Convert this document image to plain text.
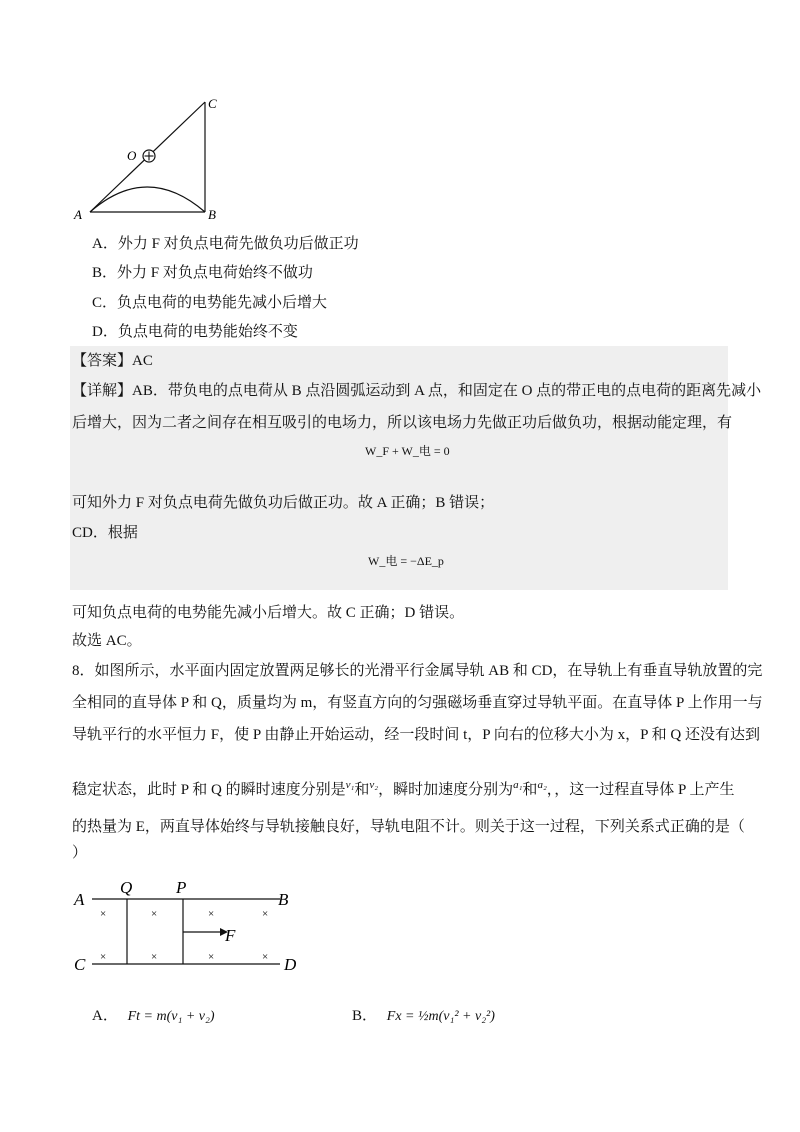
C
O
A	B
A．外力 F 对负点电荷先做负功后做正功
B．外力 F 对负点电荷始终不做功
C．负点电荷的电势能先减小后增大
D．负点电荷的电势能始终不变
【答案】AC
【详解】AB．带负电的点电荷从 B 点沿圆弧运动到 A 点，和固定在 O 点的带正电的点电荷的距离先减小
后增大，因为二者之间存在相互吸引的电场力，所以该电场力先做正功后做负功，根据动能定理，有
W_F + W_电 = 0
可知外力 F 对负点电荷先做负功后做正功。故 A 正确；B 错误；
CD．根据
W_电 = −ΔE_p
可知负点电荷的电势能先减小后增大。故 C 正确；D 错误。
故选 AC。
8．如图所示，水平面内固定放置两足够长的光滑平行金属导轨 AB 和 CD，在导轨上有垂直导轨放置的完
全相同的直导体 P 和 Q，质量均为 m，有竖直方向的匀强磁场垂直穿过导轨平面。在直导体 P 上作用一与
导轨平行的水平恒力 F，使 P 由静止开始运动，经一段时间 t，P 向右的位移大小为 x，P 和 Q 还没有达到
稳定状态，此时 P 和 Q 的瞬时速度分别是$^{v_1}$和$^{v_2}$，瞬时加速度分别为$^{a_1}$和$^{a_2}$，，这一过程直导体 P 上产生
的热量为 E，两直导体始终与导轨接触良好，导轨电阻不计。则关于这一过程，下列关系式正确的是（
）
A
Q	P
B
C	D
F
×	×	×	×
×	×	×	×
A． Ft = m(v₁ + v₂)	B． Fx = ½m(v₁² + v₂²)
